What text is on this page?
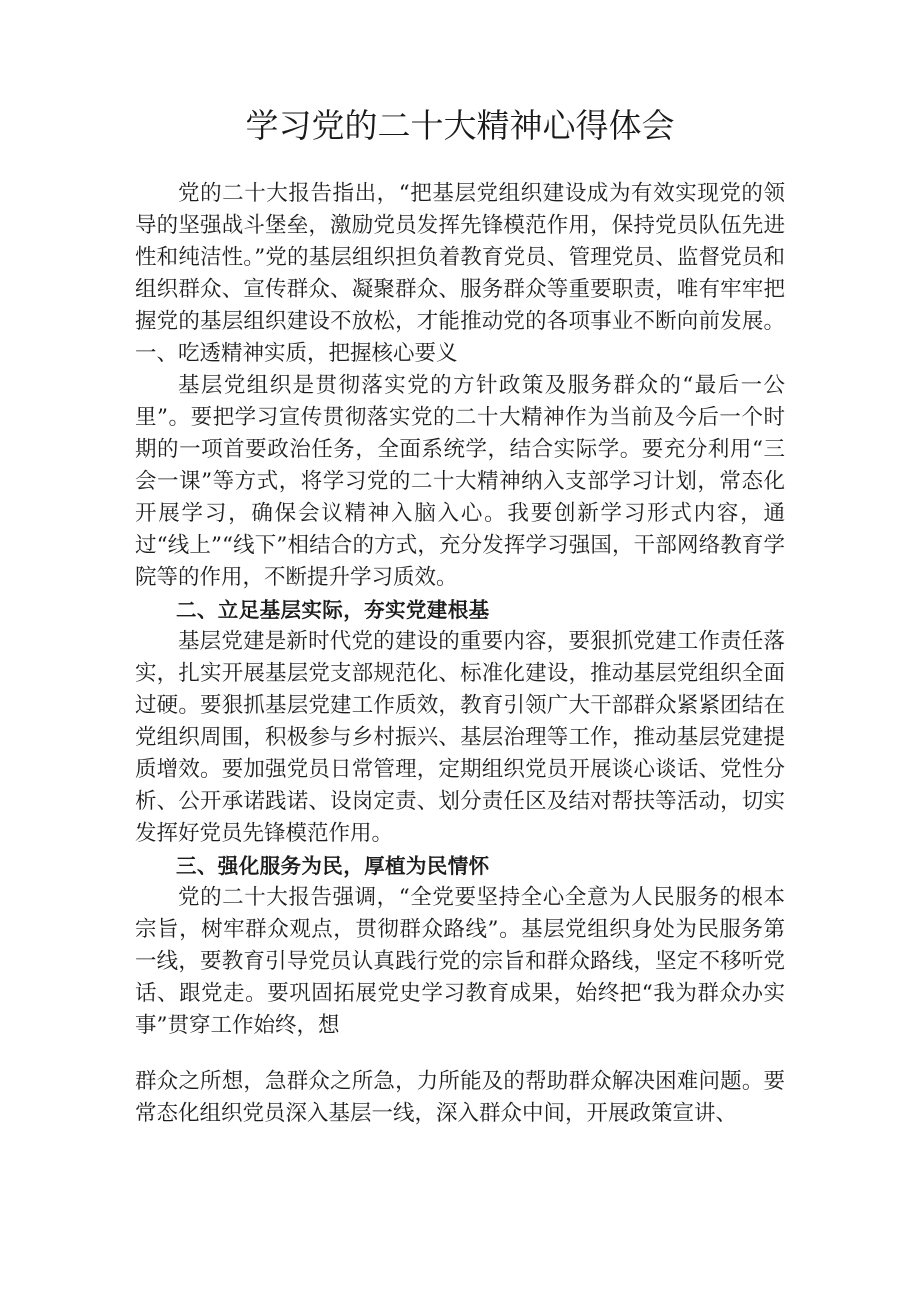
学习党的二十大精神心得体会

党的二十大报告指出，“把基层党组织建设成为有效实现党的领导的坚强战斗堡垒，激励党员发挥先锋模范作用，保持党员队伍先进性和纯洁性。”党的基层组织担负着教育党员、管理党员、监督党员和组织群众、宣传群众、凝聚群众、服务群众等重要职责，唯有牢牢把握党的基层组织建设不放松，才能推动党的各项事业不断向前发展。一、吃透精神实质，把握核心要义

基层党组织是贯彻落实党的方针政策及服务群众的“最后一公里”。要把学习宣传贯彻落实党的二十大精神作为当前及今后一个时期的一项首要政治任务，全面系统学，结合实际学。要充分利用“三会一课”等方式，将学习党的二十大精神纳入支部学习计划，常态化开展学习，确保会议精神入脑入心。我要创新学习形式内容，通过“线上”“线下”相结合的方式，充分发挥学习强国，干部网络教育学院等的作用，不断提升学习质效。

二、立足基层实际，夯实党建根基

基层党建是新时代党的建设的重要内容，要狠抓党建工作责任落实，扎实开展基层党支部规范化、标准化建设，推动基层党组织全面过硬。要狠抓基层党建工作质效，教育引领广大干部群众紧紧团结在党组织周围，积极参与乡村振兴、基层治理等工作，推动基层党建提质增效。要加强党员日常管理，定期组织党员开展谈心谈话、党性分析、公开承诺践诺、设岗定责、划分责任区及结对帮扶等活动，切实发挥好党员先锋模范作用。

三、强化服务为民，厚植为民情怀

党的二十大报告强调，“全党要坚持全心全意为人民服务的根本宗旨，树牢群众观点，贯彻群众路线”。基层党组织身处为民服务第一线，要教育引导党员认真践行党的宗旨和群众路线，坚定不移听党话、跟党走。要巩固拓展党史学习教育成果，始终把“我为群众办实事”贯穿工作始终，想

群众之所想，急群众之所急，力所能及的帮助群众解决困难问题。要常态化组织党员深入基层一线，深入群众中间，开展政策宣讲、
